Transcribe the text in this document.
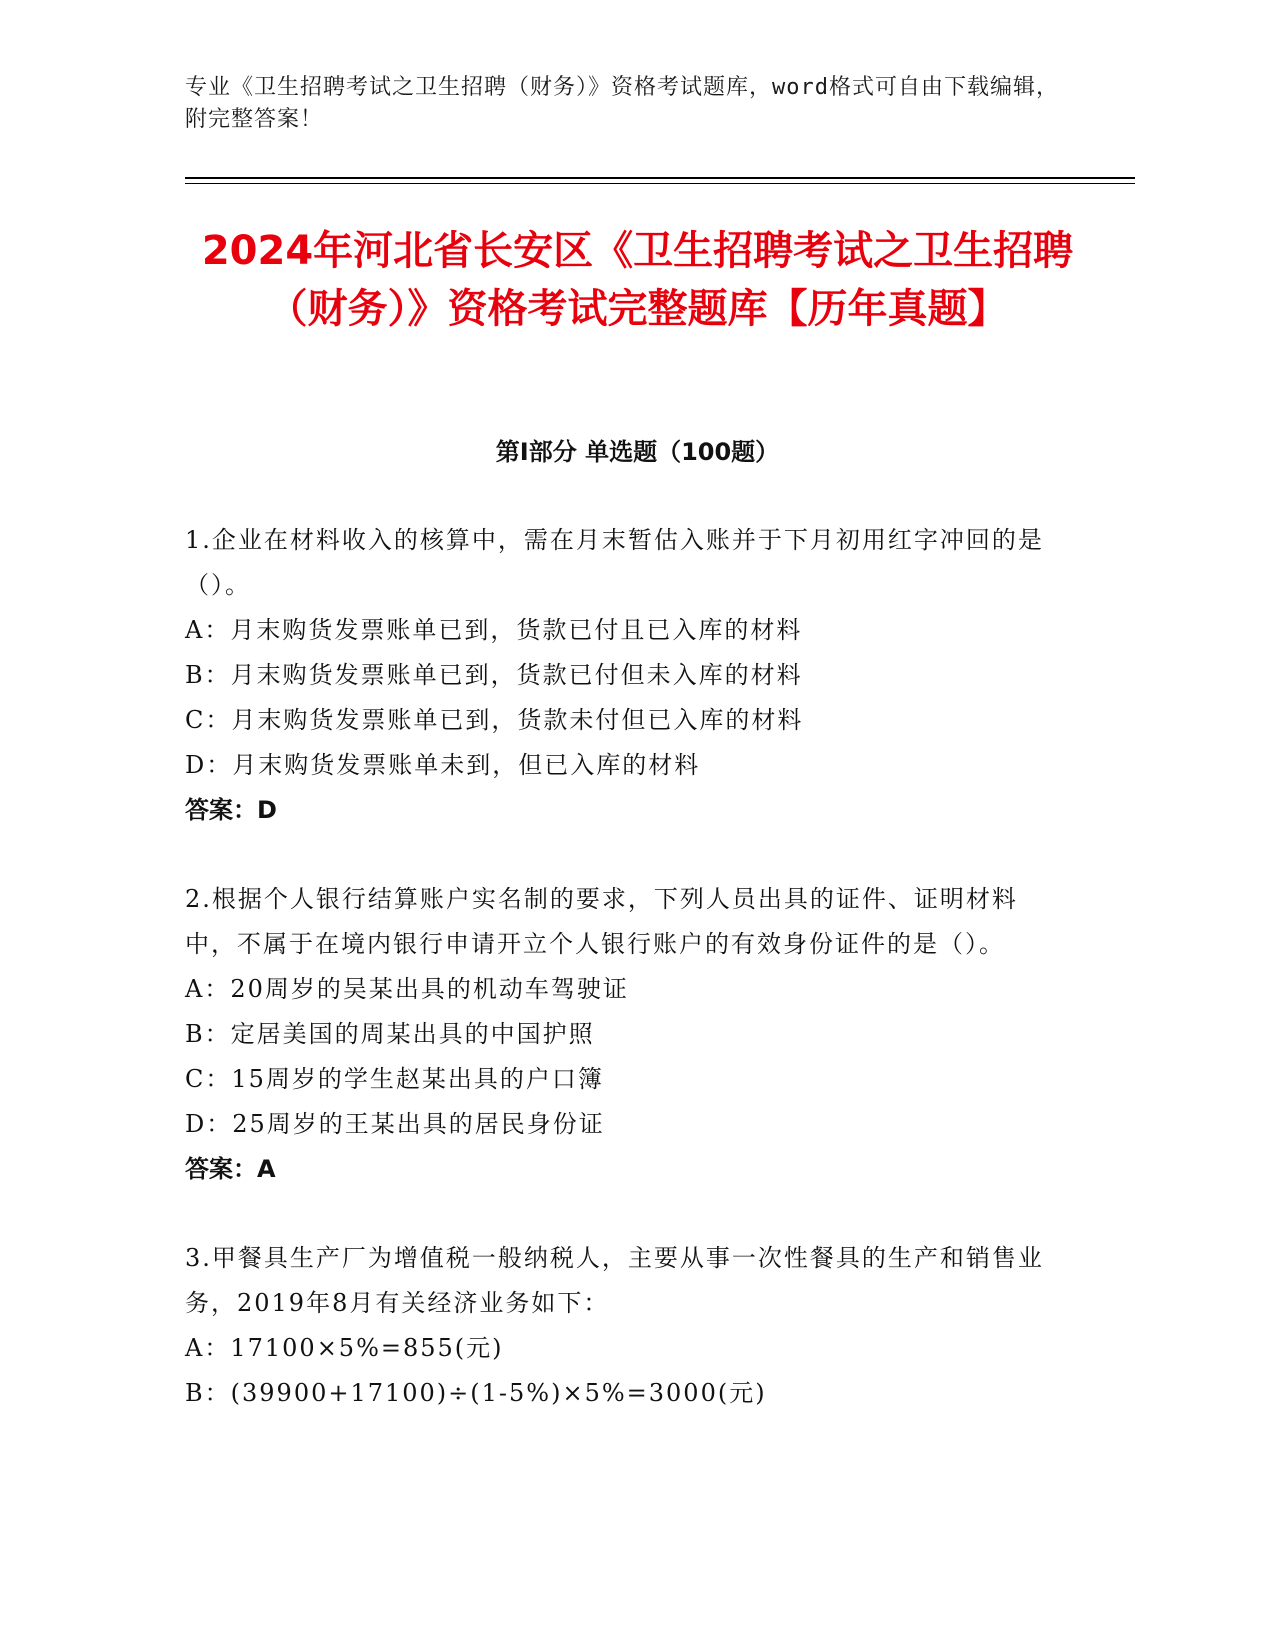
专业《卫生招聘考试之卫生招聘（财务）》资格考试题库，word格式可自由下载编辑，附完整答案！
2024年河北省长安区《卫生招聘考试之卫生招聘（财务）》资格考试完整题库【历年真题】
第I部分 单选题（100题）
1.企业在材料收入的核算中，需在月末暂估入账并于下月初用红字冲回的是（）。
A： 月末购货发票账单已到，货款已付且已入库的材料
B： 月末购货发票账单已到，货款已付但未入库的材料
C： 月末购货发票账单已到，货款未付但已入库的材料
D： 月末购货发票账单未到，但已入库的材料
答案：D
2.根据个人银行结算账户实名制的要求，下列人员出具的证件、证明材料中，不属于在境内银行申请开立个人银行账户的有效身份证件的是（）。
A： 20周岁的吴某出具的机动车驾驶证
B： 定居美国的周某出具的中国护照
C： 15周岁的学生赵某出具的户口簿
D： 25周岁的王某出具的居民身份证
答案：A
3.甲餐具生产厂为增值税一般纳税人，主要从事一次性餐具的生产和销售业务，2019年8月有关经济业务如下：
A： 17100×5%=855(元)
B： (39900+17100)÷(1-5%)×5%=3000(元)
